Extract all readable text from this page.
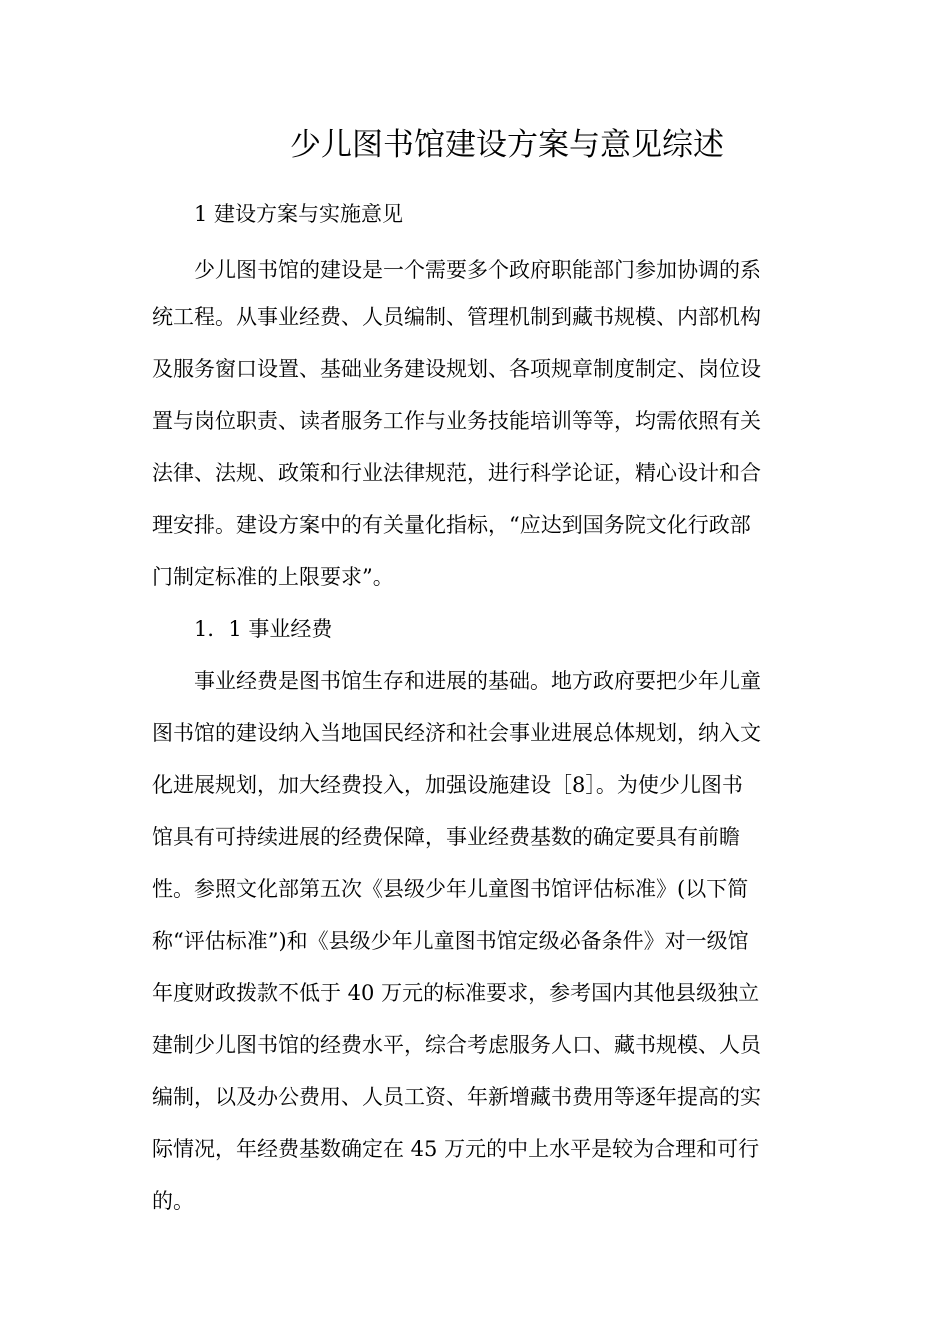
少儿图书馆建设方案与意见综述
1 建设方案与实施意见
少儿图书馆的建设是一个需要多个政府职能部门参加协调的系
统工程。从事业经费、人员编制、管理机制到藏书规模、内部机构
及服务窗口设置、基础业务建设规划、各项规章制度制定、岗位设
置与岗位职责、读者服务工作与业务技能培训等等，均需依照有关
法律、法规、政策和行业法律规范，进行科学论证，精心设计和合
理安排。建设方案中的有关量化指标，“应达到国务院文化行政部
门制定标准的上限要求”。
1．1 事业经费
事业经费是图书馆生存和进展的基础。地方政府要把少年儿童
图书馆的建设纳入当地国民经济和社会事业进展总体规划，纳入文
化进展规划，加大经费投入，加强设施建设［8］。为使少儿图书
馆具有可持续进展的经费保障，事业经费基数的确定要具有前瞻
性。参照文化部第五次《县级少年儿童图书馆评估标准》(以下简
称“评估标准”)和《县级少年儿童图书馆定级必备条件》对一级馆
年度财政拨款不低于 40 万元的标准要求，参考国内其他县级独立
建制少儿图书馆的经费水平，综合考虑服务人口、藏书规模、人员
编制，以及办公费用、人员工资、年新增藏书费用等逐年提高的实
际情况，年经费基数确定在 45 万元的中上水平是较为合理和可行
的。
